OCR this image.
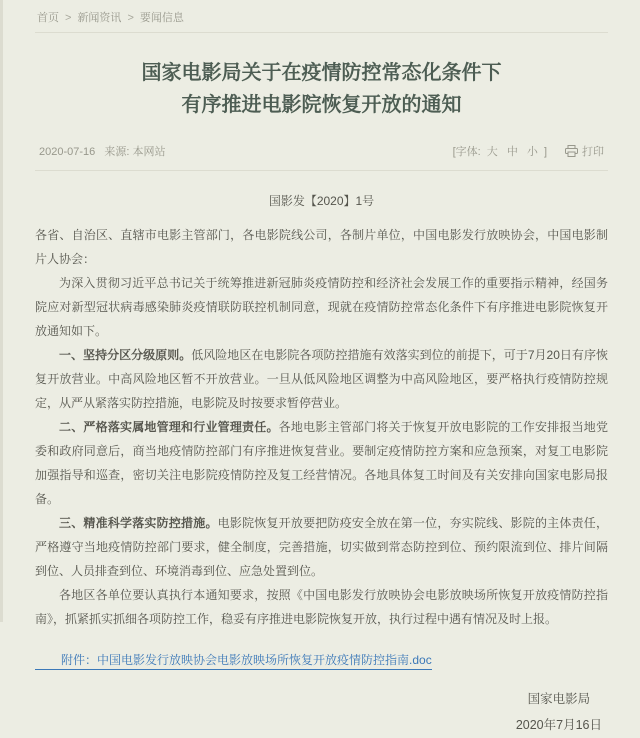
首页 > 新闻资讯 > 要闻信息
国家电影局关于在疫情防控常态化条件下
有序推进电影院恢复开放的通知
2020-07-16 来源: 本网站	[字体: 大 中 小 ]	打印

国影发【2020】1号

各省、自治区、直辖市电影主管部门，各电影院线公司，各制片单位，中国电影发行放映协会，中国电影制片人协会：

为深入贯彻习近平总书记关于统筹推进新冠肺炎疫情防控和经济社会发展工作的重要指示精神，经国务院应对新型冠状病毒感染肺炎疫情联防联控机制同意，现就在疫情防控常态化条件下有序推进电影院恢复开放通知如下。

一、坚持分区分级原则。低风险地区在电影院各项防控措施有效落实到位的前提下，可于7月20日有序恢复开放营业。中高风险地区暂不开放营业。一旦从低风险地区调整为中高风险地区，要严格执行疫情防控规定，从严从紧落实防控措施，电影院及时按要求暂停营业。

二、严格落实属地管理和行业管理责任。各地电影主管部门将关于恢复开放电影院的工作安排报当地党委和政府同意后，商当地疫情防控部门有序推进恢复营业。要制定疫情防控方案和应急预案，对复工电影院加强指导和巡查，密切关注电影院疫情防控及复工经营情况。各地具体复工时间及有关安排向国家电影局报备。

三、精准科学落实防控措施。电影院恢复开放要把防疫安全放在第一位，夯实院线、影院的主体责任，严格遵守当地疫情防控部门要求，健全制度，完善措施，切实做到常态防控到位、预约限流到位、排片间隔到位、人员排查到位、环境消毒到位、应急处置到位。

各地区各单位要认真执行本通知要求，按照《中国电影发行放映协会电影放映场所恢复开放疫情防控指南》，抓紧抓实抓细各项防控工作，稳妥有序推进电影院恢复开放，执行过程中遇有情况及时上报。

附件：中国电影发行放映协会电影放映场所恢复开放疫情防控指南.doc
国家电影局
2020年7月16日
